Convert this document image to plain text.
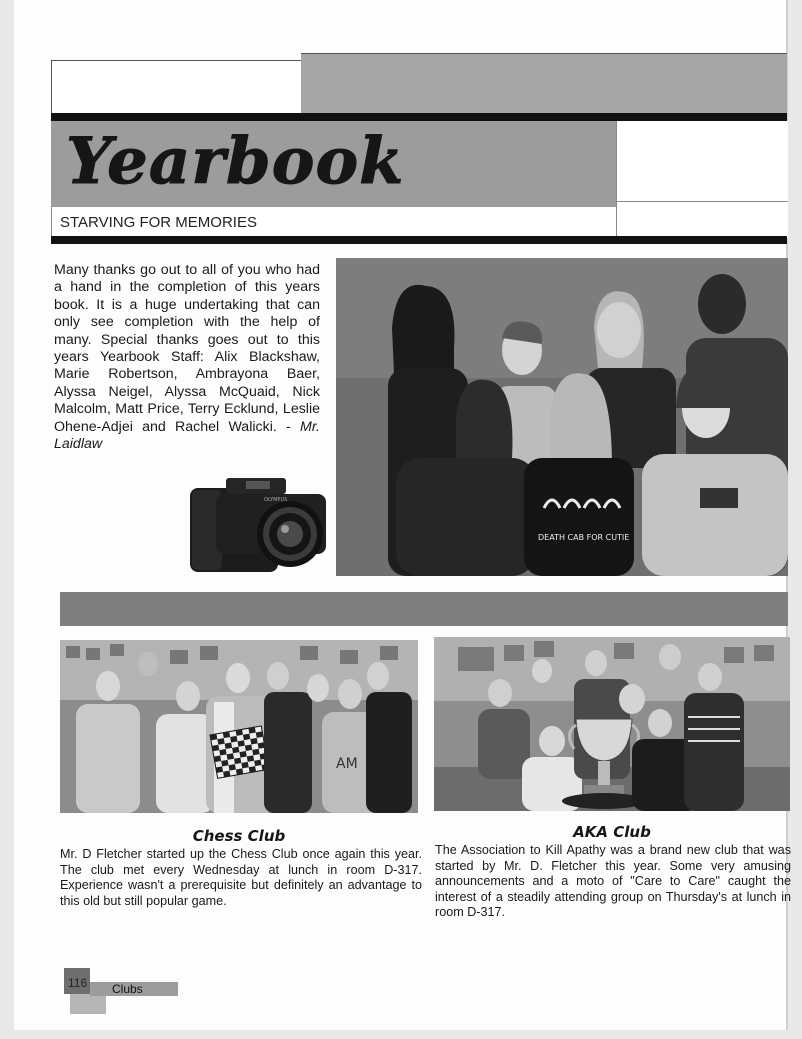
Yearbook
STARVING FOR MEMORIES
Many thanks go out to all of you who had a hand in the completion of this years book. It is a huge undertaking that can only see completion with the help of many. Special thanks goes out to this years Yearbook Staff: Alix Blackshaw, Marie Robertson, Ambrayona Baer, Alyssa Neigel, Alyssa McQuaid, Nick Malcolm, Matt Price, Terry Ecklund, Leslie Ohene-Adjei and Rachel Walicki. - Mr. Laidlaw
OLYMPUS
DEATH CAB FOR CUTIE
AM
Chess Club
Mr. D Fletcher started up the Chess Club once again this year. The club met every Wednesday at lunch in room D-317. Experience wasn't a prerequisite but definitely an advantage to this old but still popular game.
AKA Club
The Association to Kill Apathy was a brand new club that was started by Mr. D. Fletcher this year. Some very amusing announcements and a moto of "Care to Care" caught the interest of a steadily attending group on Thursday's at lunch in room D-317.
116 Clubs
